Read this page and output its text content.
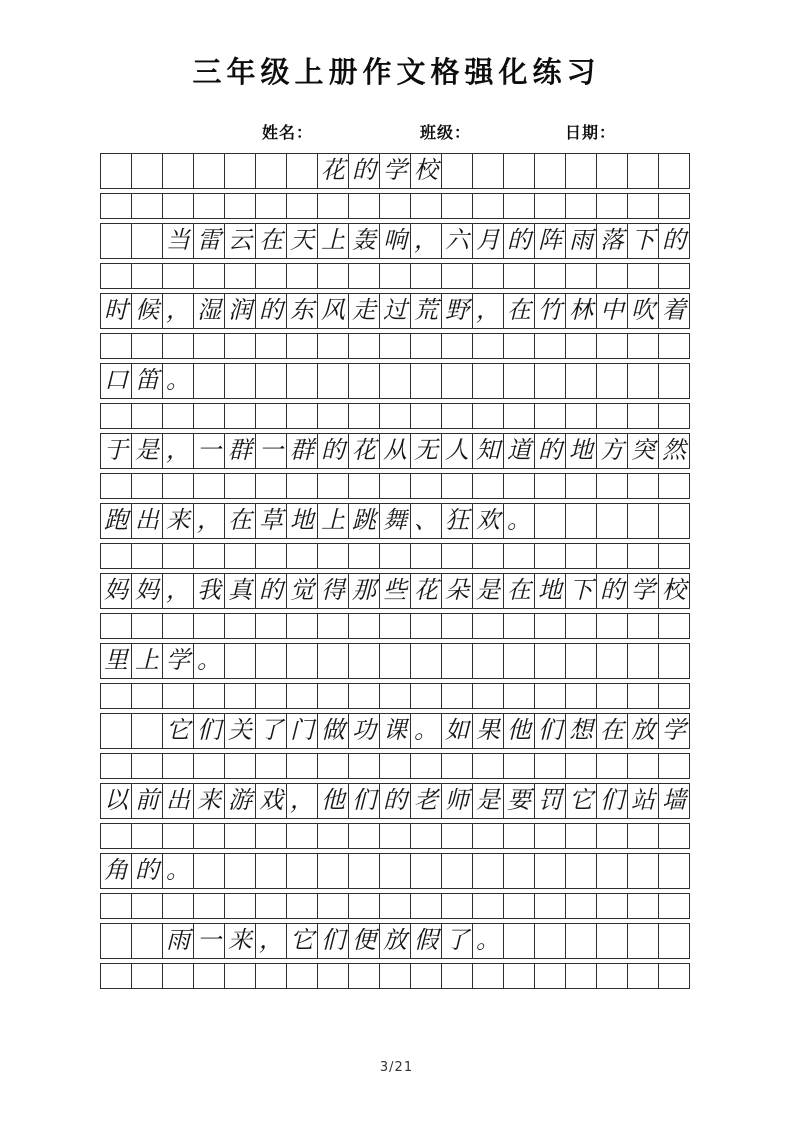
三年级上册作文格强化练习
姓名：	班级：	日期：
花 的 学 校
当 雷 云 在 天 上 轰 响 ， 六 月 的 阵 雨 落 下 的
时 候 ， 湿 润 的 东 风 走 过 荒 野 ， 在 竹 林 中 吹 着
口 笛 。
于 是 ， 一 群 一 群 的 花 从 无 人 知 道 的 地 方 突 然
跑 出 来 ， 在 草 地 上 跳 舞 、 狂 欢 。
妈 妈 ， 我 真 的 觉 得 那 些 花 朵 是 在 地 下 的 学 校
里 上 学 。
它 们 关 了 门 做 功 课 。 如 果 他 们 想 在 放 学
以 前 出 来 游 戏 ， 他 们 的 老 师 是 要 罚 它 们 站 墙
角 的 。
雨 一 来 ， 它 们 便 放 假 了 。
3/21
